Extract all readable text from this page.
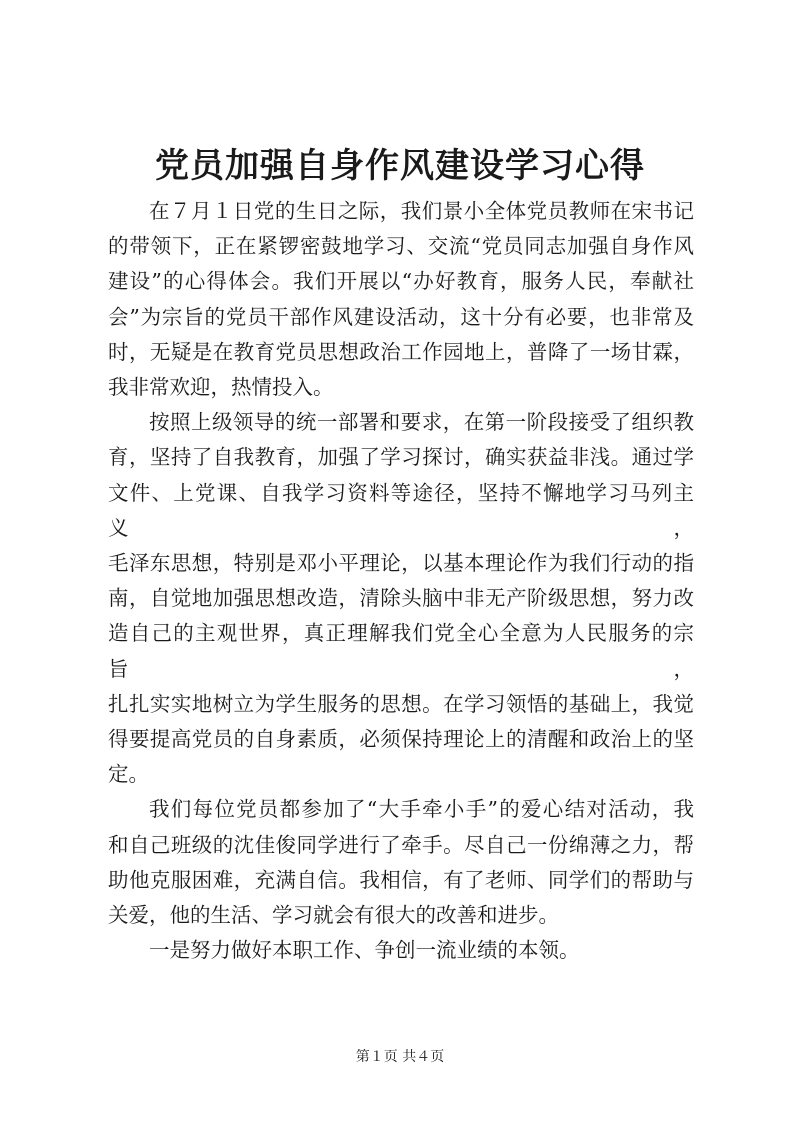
党员加强自身作风建设学习心得
在７月１日党的生日之际，我们景小全体党员教师在宋书记
的带领下，正在紧锣密鼓地学习、交流“党员同志加强自身作风
建设”的心得体会。我们开展以“办好教育，服务人民，奉献社
会”为宗旨的党员干部作风建设活动，这十分有必要，也非常及
时，无疑是在教育党员思想政治工作园地上，普降了一场甘霖，
我非常欢迎，热情投入。
按照上级领导的统一部署和要求，在第一阶段接受了组织教
育，坚持了自我教育，加强了学习探讨，确实获益非浅。通过学
文件、上党课、自我学习资料等途径，坚持不懈地学习马列主义，
毛泽东思想，特别是邓小平理论，以基本理论作为我们行动的指
南，自觉地加强思想改造，清除头脑中非无产阶级思想，努力改
造自己的主观世界，真正理解我们党全心全意为人民服务的宗旨，
扎扎实实地树立为学生服务的思想。在学习领悟的基础上，我觉
得要提高党员的自身素质，必须保持理论上的清醒和政治上的坚
定。
我们每位党员都参加了“大手牵小手”的爱心结对活动，我
和自己班级的沈佳俊同学进行了牵手。尽自己一份绵薄之力，帮
助他克服困难，充满自信。我相信，有了老师、同学们的帮助与
关爱，他的生活、学习就会有很大的改善和进步。
一是努力做好本职工作、争创一流业绩的本领。
第１页 共４页
